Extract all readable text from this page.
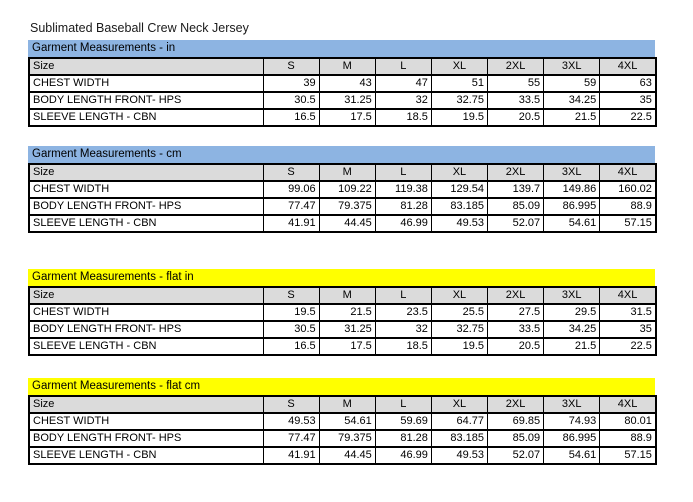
Sublimated Baseball Crew Neck Jersey
Garment Measurements - in
Size	S	M	L	XL	2XL	3XL	4XL
CHEST WIDTH	39	43	47	51	55	59	63
BODY LENGTH FRONT- HPS	30.5	31.25	32	32.75	33.5	34.25	35
SLEEVE LENGTH - CBN	16.5	17.5	18.5	19.5	20.5	21.5	22.5
Garment Measurements - cm
Size	S	M	L	XL	2XL	3XL	4XL
CHEST WIDTH	99.06	109.22	119.38	129.54	139.7	149.86	160.02
BODY LENGTH FRONT- HPS	77.47	79.375	81.28	83.185	85.09	86.995	88.9
SLEEVE LENGTH - CBN	41.91	44.45	46.99	49.53	52.07	54.61	57.15
Garment Measurements - flat in
Size	S	M	L	XL	2XL	3XL	4XL
CHEST WIDTH	19.5	21.5	23.5	25.5	27.5	29.5	31.5
BODY LENGTH FRONT- HPS	30.5	31.25	32	32.75	33.5	34.25	35
SLEEVE LENGTH - CBN	16.5	17.5	18.5	19.5	20.5	21.5	22.5
Garment Measurements - flat cm
Size	S	M	L	XL	2XL	3XL	4XL
CHEST WIDTH	49.53	54.61	59.69	64.77	69.85	74.93	80.01
BODY LENGTH FRONT- HPS	77.47	79.375	81.28	83.185	85.09	86.995	88.9
SLEEVE LENGTH - CBN	41.91	44.45	46.99	49.53	52.07	54.61	57.15
